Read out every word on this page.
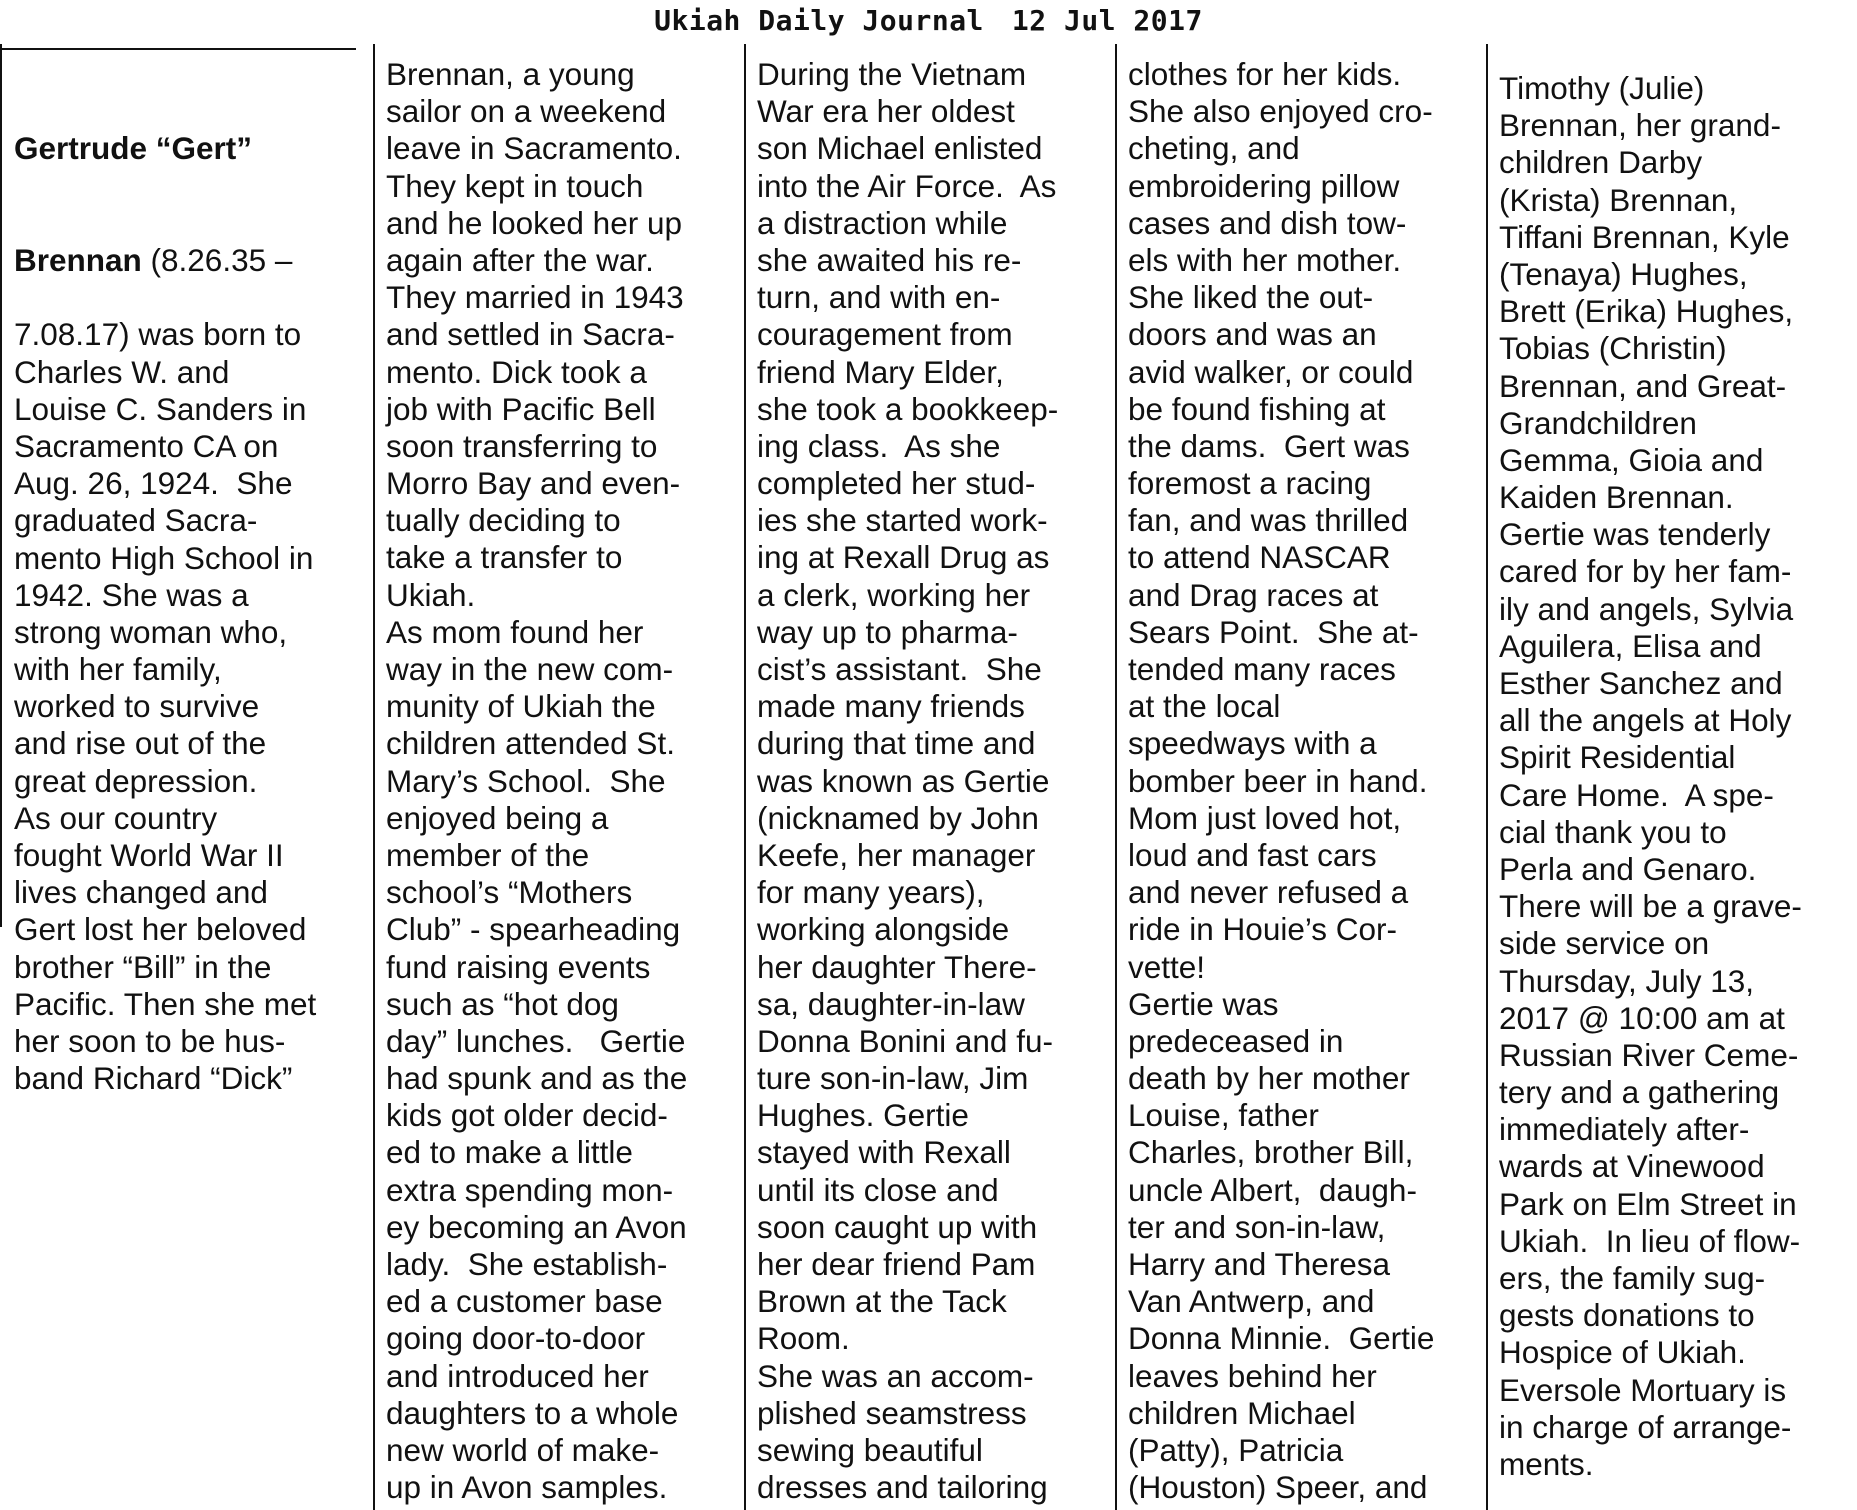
Ukiah Daily Journal 12 Jul 2017

Gertrude “Gert”

Brennan (8.26.35 –

7.08.17) was born to
Charles W. and
Louise C. Sanders in
Sacramento CA on
Aug. 26, 1924.  She
graduated Sacra-
mento High School in
1942. She was a
strong woman who,
with her family,
worked to survive
and rise out of the
great depression.
As our country
fought World War II
lives changed and
Gert lost her beloved
brother “Bill” in the
Pacific. Then she met
her soon to be hus-
band Richard “Dick”
Brennan, a young
sailor on a weekend
leave in Sacramento.
They kept in touch
and he looked her up
again after the war.
They married in 1943
and settled in Sacra-
mento. Dick took a
job with Pacific Bell
soon transferring to
Morro Bay and even-
tually deciding to
take a transfer to
Ukiah.
As mom found her
way in the new com-
munity of Ukiah the
children attended St.
Mary’s School.  She
enjoyed being a
member of the
school’s “Mothers
Club” - spearheading
fund raising events
such as “hot dog
day” lunches.   Gertie
had spunk and as the
kids got older decid-
ed to make a little
extra spending mon-
ey becoming an Avon
lady.  She establish-
ed a customer base
going door-to-door
and introduced her
daughters to a whole
new world of make-
up in Avon samples.
During the Vietnam
War era her oldest
son Michael enlisted
into the Air Force.  As
a distraction while
she awaited his re-
turn, and with en-
couragement from
friend Mary Elder,
she took a bookkeep-
ing class.  As she
completed her stud-
ies she started work-
ing at Rexall Drug as
a clerk, working her
way up to pharma-
cist’s assistant.  She
made many friends
during that time and
was known as Gertie
(nicknamed by John
Keefe, her manager
for many years),
working alongside
her daughter There-
sa, daughter-in-law
Donna Bonini and fu-
ture son-in-law, Jim
Hughes. Gertie
stayed with Rexall
until its close and
soon caught up with
her dear friend Pam
Brown at the Tack
Room.
She was an accom-
plished seamstress
sewing beautiful
dresses and tailoring
clothes for her kids.
She also enjoyed cro-
cheting, and
embroidering pillow
cases and dish tow-
els with her mother.
She liked the out-
doors and was an
avid walker, or could
be found fishing at
the dams.  Gert was
foremost a racing
fan, and was thrilled
to attend NASCAR
and Drag races at
Sears Point.  She at-
tended many races
at the local
speedways with a
bomber beer in hand.
Mom just loved hot,
loud and fast cars
and never refused a
ride in Houie’s Cor-
vette!
Gertie was
predeceased in
death by her mother
Louise, father
Charles, brother Bill,
uncle Albert,  daugh-
ter and son-in-law,
Harry and Theresa
Van Antwerp, and
Donna Minnie.  Gertie
leaves behind her
children Michael
(Patty), Patricia
(Houston) Speer, and
Timothy (Julie)
Brennan, her grand-
children Darby
(Krista) Brennan,
Tiffani Brennan, Kyle
(Tenaya) Hughes,
Brett (Erika) Hughes,
Tobias (Christin)
Brennan, and Great-
Grandchildren
Gemma, Gioia and
Kaiden Brennan.
Gertie was tenderly
cared for by her fam-
ily and angels, Sylvia
Aguilera, Elisa and
Esther Sanchez and
all the angels at Holy
Spirit Residential
Care Home.  A spe-
cial thank you to
Perla and Genaro.
There will be a grave-
side service on
Thursday, July 13,
2017 @ 10:00 am at
Russian River Ceme-
tery and a gathering
immediately after-
wards at Vinewood
Park on Elm Street in
Ukiah.  In lieu of flow-
ers, the family sug-
gests donations to
Hospice of Ukiah.
Eversole Mortuary is
in charge of arrange-
ments.
